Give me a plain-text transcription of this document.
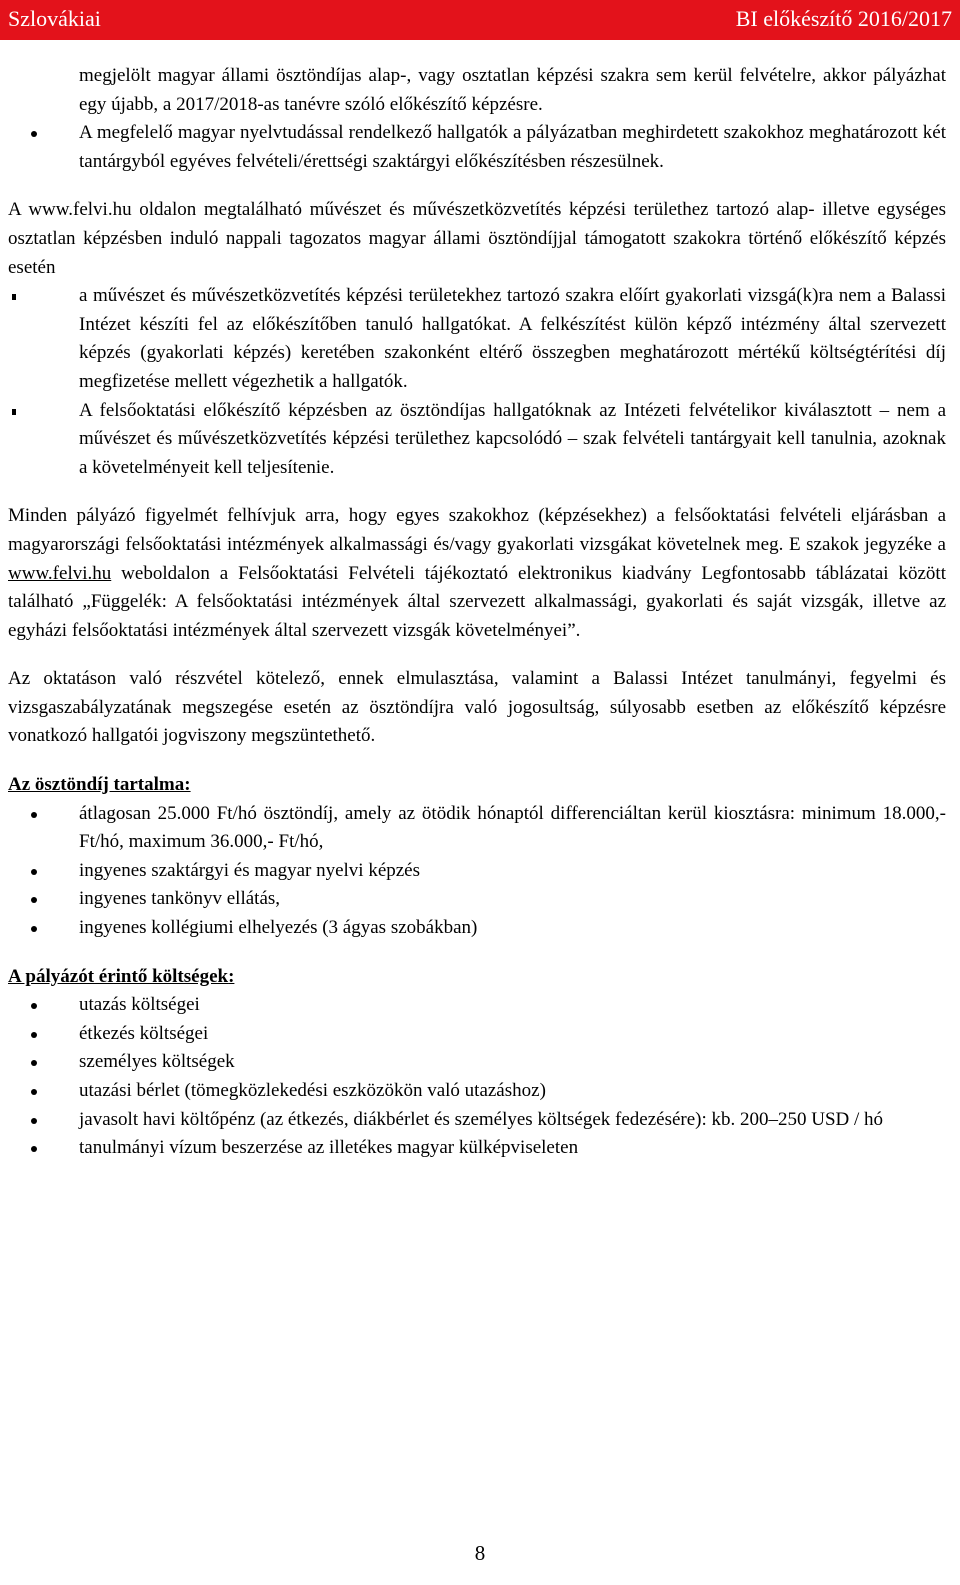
Szlovákiai	BI előkészítő 2016/2017

megjelölt magyar állami ösztöndíjas alap-, vagy osztatlan képzési szakra sem kerül felvételre, akkor pályázhat egy újabb, a 2017/2018-as tanévre szóló előkészítő képzésre.

A megfelelő magyar nyelvtudással rendelkező hallgatók a pályázatban meghirdetett szakokhoz meghatározott két tantárgyból egyéves felvételi/érettségi szaktárgyi előkészítésben részesülnek.

A www.felvi.hu oldalon megtalálható művészet és művészetközvetítés képzési területhez tartozó alap- illetve egységes osztatlan képzésben induló nappali tagozatos magyar állami ösztöndíjjal támogatott szakokra történő előkészítő képzés esetén

a művészet és művészetközvetítés képzési területekhez tartozó szakra előírt gyakorlati vizsgá(k)ra nem a Balassi Intézet készíti fel az előkészítőben tanuló hallgatókat. A felkészítést külön képző intézmény által szervezett képzés (gyakorlati képzés) keretében szakonként eltérő összegben meghatározott mértékű költségtérítési díj megfizetése mellett végezhetik a hallgatók.
A felsőoktatási előkészítő képzésben az ösztöndíjas hallgatóknak az Intézeti felvételikor kiválasztott – nem a művészet és művészetközvetítés képzési területhez kapcsolódó – szak felvételi tantárgyait kell tanulnia, azoknak a követelményeit kell teljesítenie.

Minden pályázó figyelmét felhívjuk arra, hogy egyes szakokhoz (képzésekhez) a felsőoktatási felvételi eljárásban a magyarországi felsőoktatási intézmények alkalmassági és/vagy gyakorlati vizsgákat követelnek meg. E szakok jegyzéke a www.felvi.hu weboldalon a Felsőoktatási Felvételi tájékoztató elektronikus kiadvány Legfontosabb táblázatai között található „Függelék: A felsőoktatási intézmények által szervezett alkalmassági, gyakorlati és saját vizsgák, illetve az egyházi felsőoktatási intézmények által szervezett vizsgák követelményei”.

Az oktatáson való részvétel kötelező, ennek elmulasztása, valamint a Balassi Intézet tanulmányi, fegyelmi és vizsgaszabályzatának megszegése esetén az ösztöndíjra való jogosultság, súlyosabb esetben az előkészítő képzésre vonatkozó hallgatói jogviszony megszüntethető.

Az ösztöndíj tartalma:

átlagosan 25.000 Ft/hó ösztöndíj, amely az ötödik hónaptól differenciáltan kerül kiosztásra: minimum 18.000,- Ft/hó, maximum 36.000,- Ft/hó,
ingyenes szaktárgyi és magyar nyelvi képzés
ingyenes tankönyv ellátás,
ingyenes kollégiumi elhelyezés (3 ágyas szobákban)

A pályázót érintő költségek:

utazás költségei
étkezés költségei
személyes költségek
utazási bérlet (tömegközlekedési eszközökön való utazáshoz)
javasolt havi költőpénz (az étkezés, diákbérlet és személyes költségek fedezésére): kb. 200–250 USD / hó
tanulmányi vízum beszerzése az illetékes magyar külképviseleten
8
